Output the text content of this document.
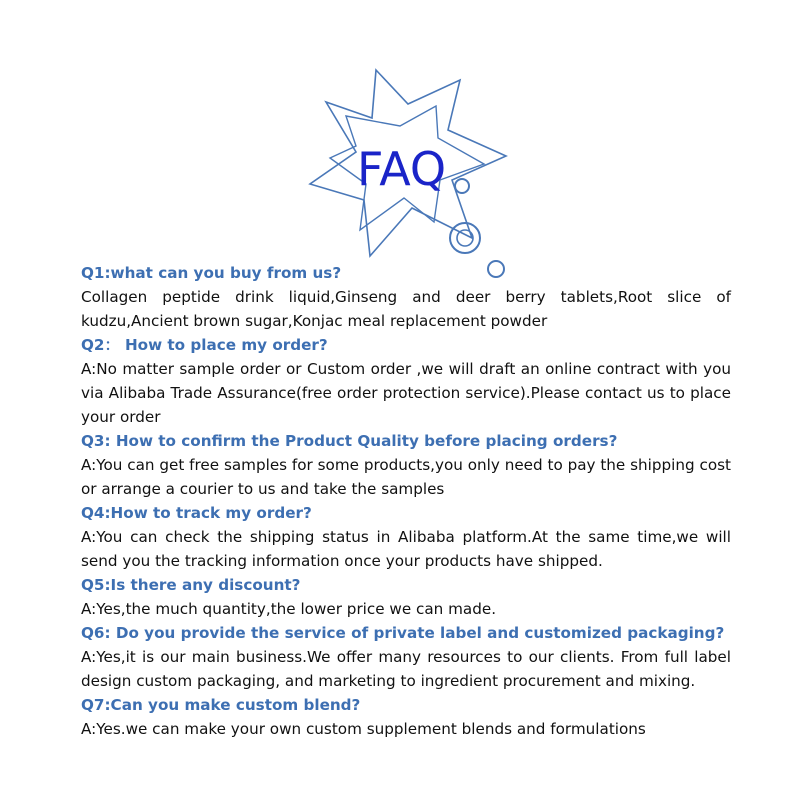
FAQ
Q1:what can you buy from us?
Collagen peptide drink liquid,Ginseng and deer berry tablets,Root slice of kudzu,Ancient brown sugar,Konjac meal replacement powder
Q2： How to place my order?
A:No matter sample order or Custom order ,we will draft an online contract with you via Alibaba Trade Assurance(free order protection service).Please contact us to place your order
Q3: How to confirm the Product Quality before placing orders?
A:You can get free samples for some products,you only need to pay the shipping cost or arrange a courier to us and take the samples
Q4:How to track my order?
A:You can check the shipping status in Alibaba platform.At the same time,we will send you the tracking information once your products have shipped.
Q5:Is there any discount?
A:Yes,the much quantity,the lower price we can made.
Q6: Do you provide the service of private label and customized packaging?
A:Yes,it is our main business.We offer many resources to our clients. From full label design custom packaging, and marketing to ingredient procurement and mixing.
Q7:Can you make custom blend?
A:Yes.we can make your own custom supplement blends and formulations
